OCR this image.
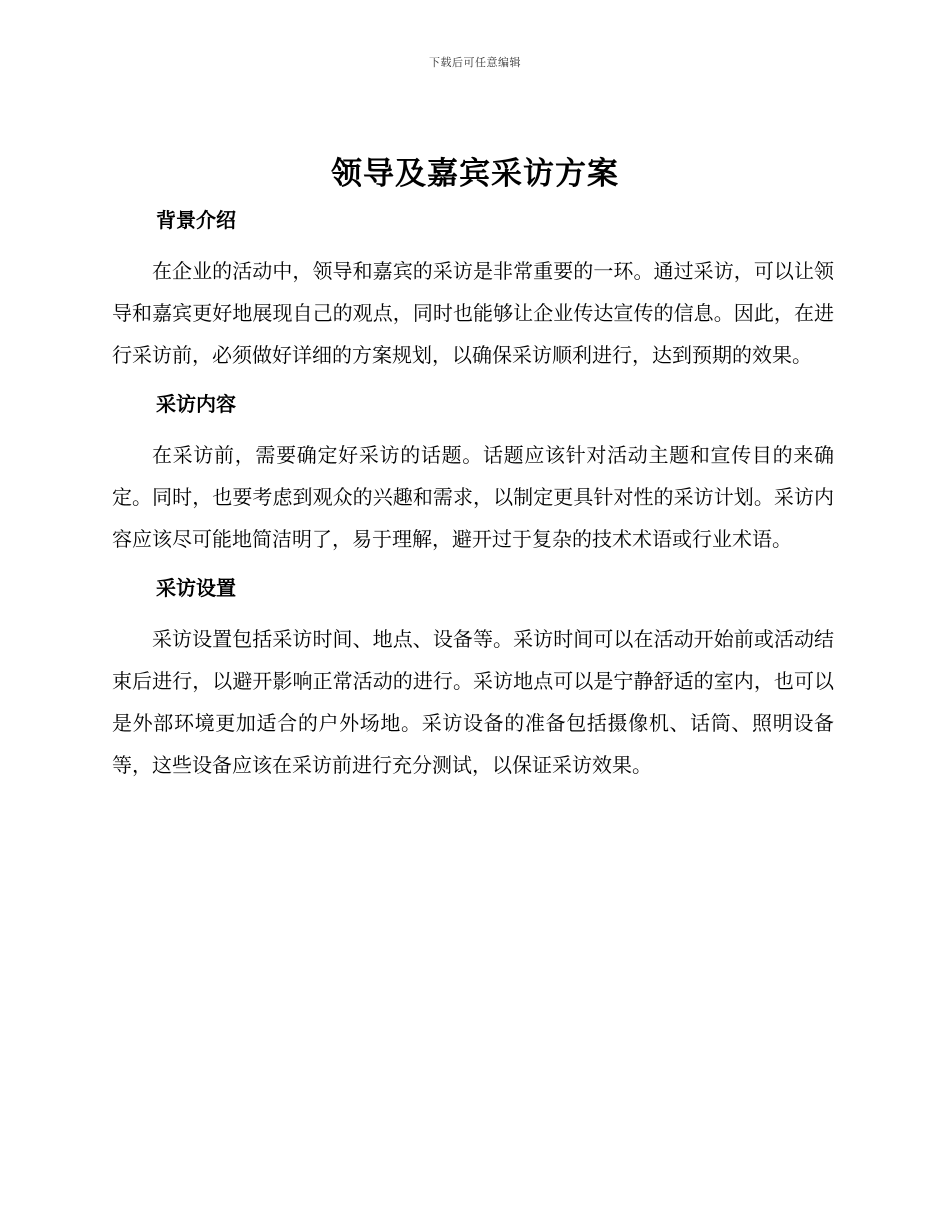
下载后可任意编辑
领导及嘉宾采访方案
背景介绍

在企业的活动中，领导和嘉宾的采访是非常重要的一环。通过采访，可以让领导和嘉宾更好地展现自己的观点，同时也能够让企业传达宣传的信息。因此，在进行采访前，必须做好详细的方案规划，以确保采访顺利进行，达到预期的效果。

采访内容

在采访前，需要确定好采访的话题。话题应该针对活动主题和宣传目的来确定。同时，也要考虑到观众的兴趣和需求，以制定更具针对性的采访计划。采访内容应该尽可能地简洁明了，易于理解，避开过于复杂的技术术语或行业术语。

采访设置

采访设置包括采访时间、地点、设备等。采访时间可以在活动开始前或活动结束后进行，以避开影响正常活动的进行。采访地点可以是宁静舒适的室内，也可以是外部环境更加适合的户外场地。采访设备的准备包括摄像机、话筒、照明设备等，这些设备应该在采访前进行充分测试，以保证采访效果。
